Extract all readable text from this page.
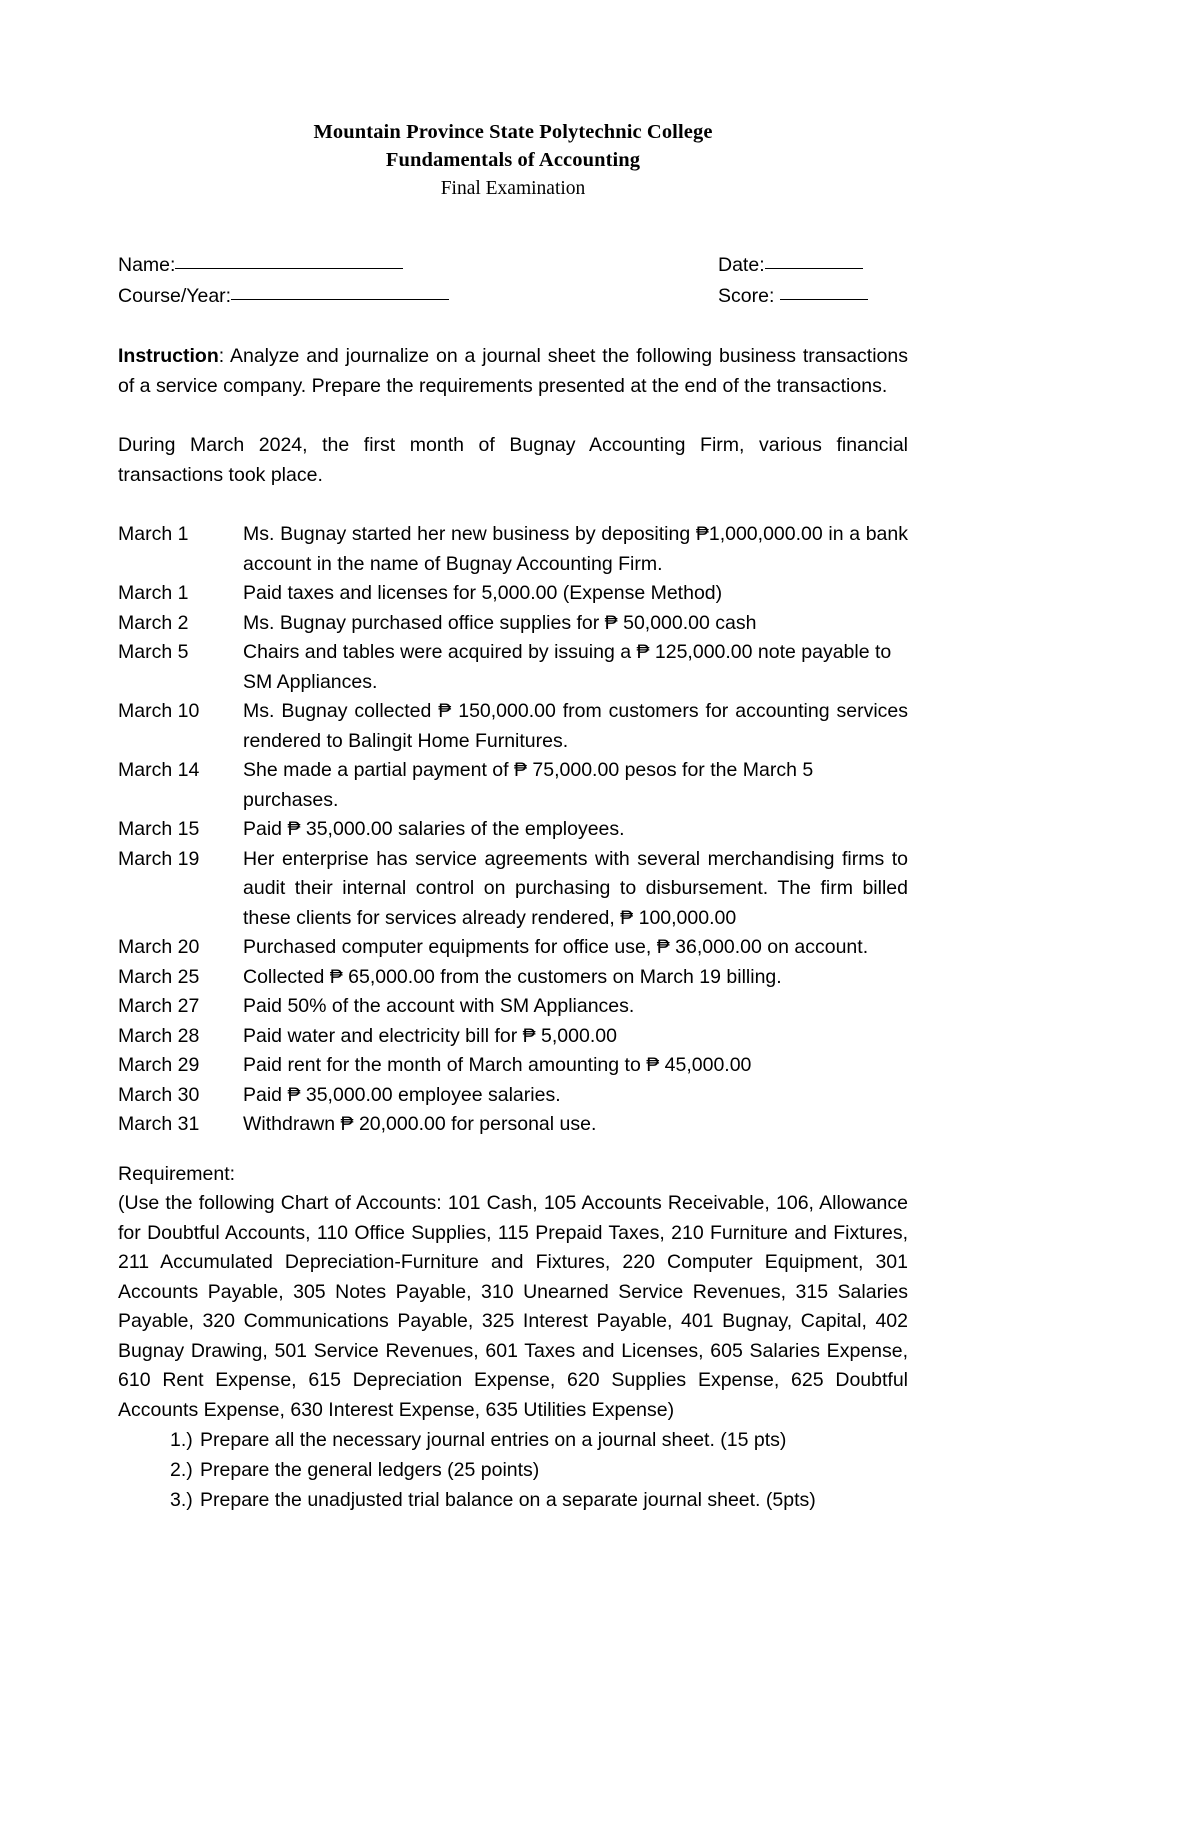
Mountain Province State Polytechnic College
Fundamentals of Accounting
Final Examination
Name:	Date:
Course/Year:	Score:

Instruction: Analyze and journalize on a journal sheet the following business transactions of a service company. Prepare the requirements presented at the end of the transactions.

During March 2024, the first month of Bugnay Accounting Firm, various financial transactions took place.

March 1	Ms. Bugnay started her new business by depositing ₱1,000,000.00 in a bank account in the name of Bugnay Accounting Firm.
March 1	Paid taxes and licenses for 5,000.00 (Expense Method)
March 2	Ms. Bugnay purchased office supplies for ₱ 50,000.00 cash
March 5	Chairs and tables were acquired by issuing a ₱ 125,000.00 note payable to SM Appliances.
March 10	Ms. Bugnay collected ₱ 150,000.00 from customers for accounting services rendered to Balingit Home Furnitures.
March 14	She made a partial payment of ₱ 75,000.00 pesos for the March 5 purchases.
March 15	Paid ₱ 35,000.00 salaries of the employees.
March 19	Her enterprise has service agreements with several merchandising firms to audit their internal control on purchasing to disbursement. The firm billed these clients for services already rendered, ₱ 100,000.00
March 20	Purchased computer equipments for office use, ₱ 36,000.00 on account.
March 25	Collected ₱ 65,000.00 from the customers on March 19 billing.
March 27	Paid 50% of the account with SM Appliances.
March 28	Paid water and electricity bill for ₱ 5,000.00
March 29	Paid rent for the month of March amounting to ₱ 45,000.00
March 30	Paid ₱ 35,000.00 employee salaries.
March 31	Withdrawn ₱ 20,000.00 for personal use.
Requirement:
(Use the following Chart of Accounts: 101 Cash, 105 Accounts Receivable, 106, Allowance for Doubtful Accounts, 110 Office Supplies, 115 Prepaid Taxes, 210 Furniture and Fixtures, 211 Accumulated Depreciation-Furniture and Fixtures, 220 Computer Equipment, 301 Accounts Payable, 305 Notes Payable, 310 Unearned Service Revenues, 315 Salaries Payable, 320 Communications Payable, 325 Interest Payable, 401 Bugnay, Capital, 402 Bugnay Drawing, 501 Service Revenues, 601 Taxes and Licenses, 605 Salaries Expense, 610 Rent Expense, 615 Depreciation Expense, 620 Supplies Expense, 625 Doubtful Accounts Expense, 630 Interest Expense, 635 Utilities Expense)
1.) Prepare all the necessary journal entries on a journal sheet. (15 pts)
2.) Prepare the general ledgers (25 points)
3.) Prepare the unadjusted trial balance on a separate journal sheet. (5pts)
